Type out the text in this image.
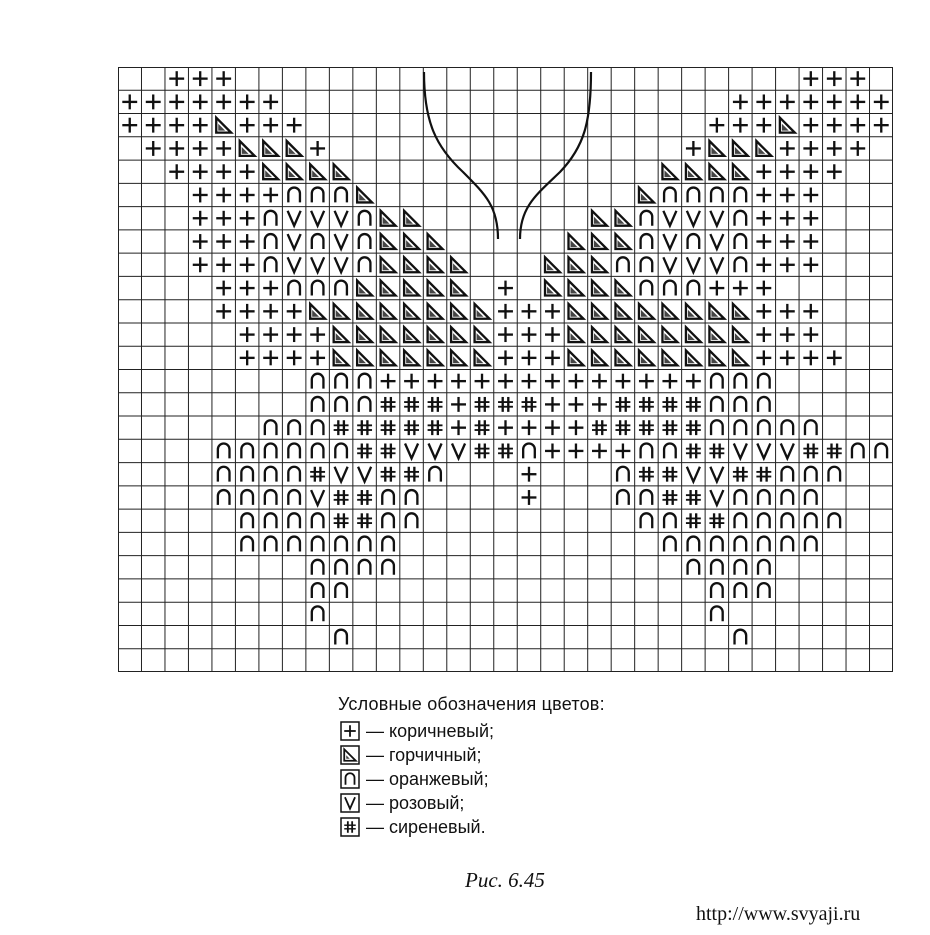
Условные обозначения цветов:
— коричневый;
— горчичный;
— оранжевый;
— розовый;
— сиреневый.
Рис. 6.45
http://www.svyaji.ru
